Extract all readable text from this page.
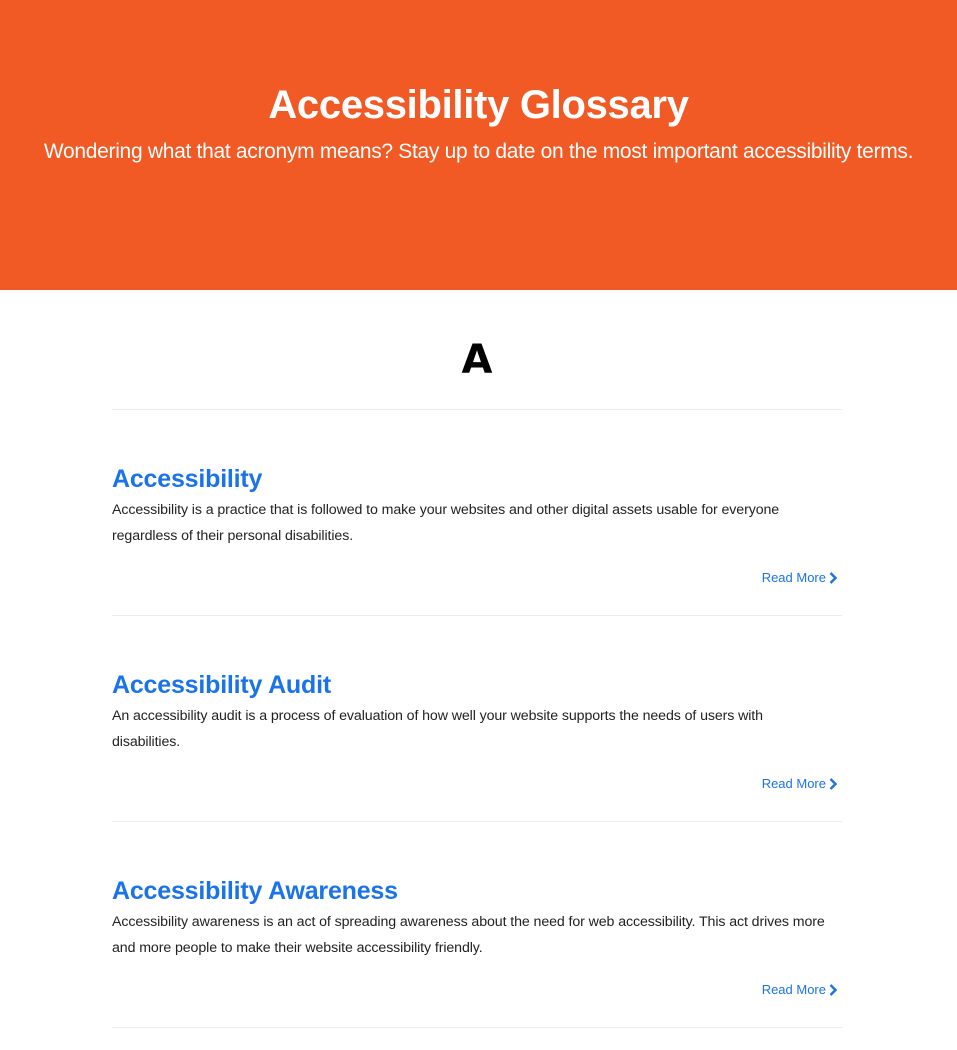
Accessibility Glossary

Wondering what that acronym means? Stay up to date on the most important accessibility terms.

A
Accessibility

Accessibility is a practice that is followed to make your websites and other digital assets usable for everyone regardless of their personal disabilities.

Read More
Accessibility Audit

An accessibility audit is a process of evaluation of how well your website supports the needs of users with disabilities.

Read More
Accessibility Awareness

Accessibility awareness is an act of spreading awareness about the need for web accessibility. This act drives more and more people to make their website accessibility friendly.

Read More
